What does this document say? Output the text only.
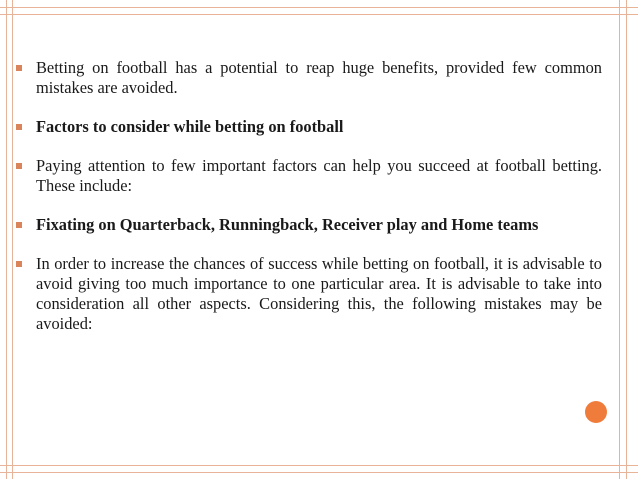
Betting on football has a potential to reap huge benefits, provided few common mistakes are avoided.
Factors to consider while betting on football
Paying attention to few important factors can help you succeed at football betting. These include:
Fixating on Quarterback, Runningback, Receiver play and Home teams
In order to increase the chances of success while betting on football, it is advisable to avoid giving too much importance to one particular area. It is advisable to take into consideration all other aspects. Considering this, the following mistakes may be avoided:
